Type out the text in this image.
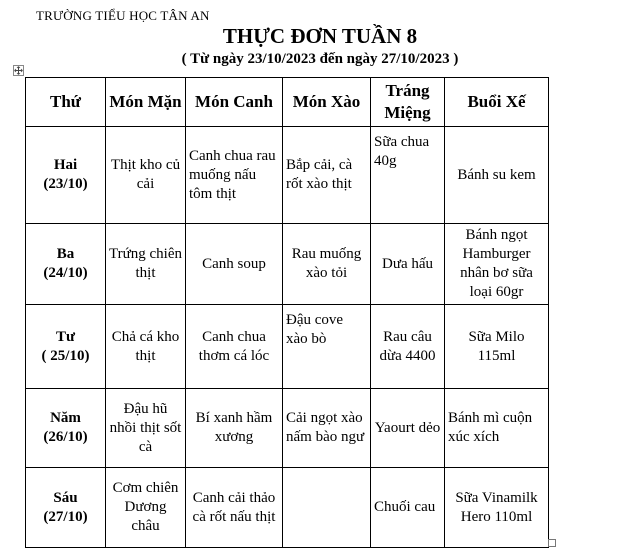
TRƯỜNG TIỂU HỌC TÂN AN
THỰC ĐƠN TUẦN 8
( Từ ngày 23/10/2023 đến ngày 27/10/2023 )
Thứ	Món Mặn	Món Canh	Món Xào	Tráng Miệng	Buổi Xế

Hai
(23/10)	Thịt kho củ cải	Canh chua rau muống nấu tôm thịt	Bắp cải, cà rốt xào thịt	Sữa chua 40g	Bánh su kem

Ba
(24/10)	Trứng chiên thịt	Canh soup	Rau muống xào tỏi	Dưa hấu	Bánh ngọt Hamburger nhân bơ sữa loại 60gr

Tư
( 25/10)	Chả cá kho thịt	Canh chua thơm cá lóc	Đậu cove xào bò	Rau câu dừa 4400	Sữa Milo 115ml

Năm
(26/10)	Đậu hũ nhồi thịt sốt cà	Bí xanh hầm xương	Cải ngọt xào nấm bào ngư	Yaourt dẻo	Bánh mì cuộn xúc xích

Sáu
(27/10)	Cơm chiên Dương châu	Canh cải thảo cà rốt nấu thịt		Chuối cau	Sữa Vinamilk Hero 110ml
